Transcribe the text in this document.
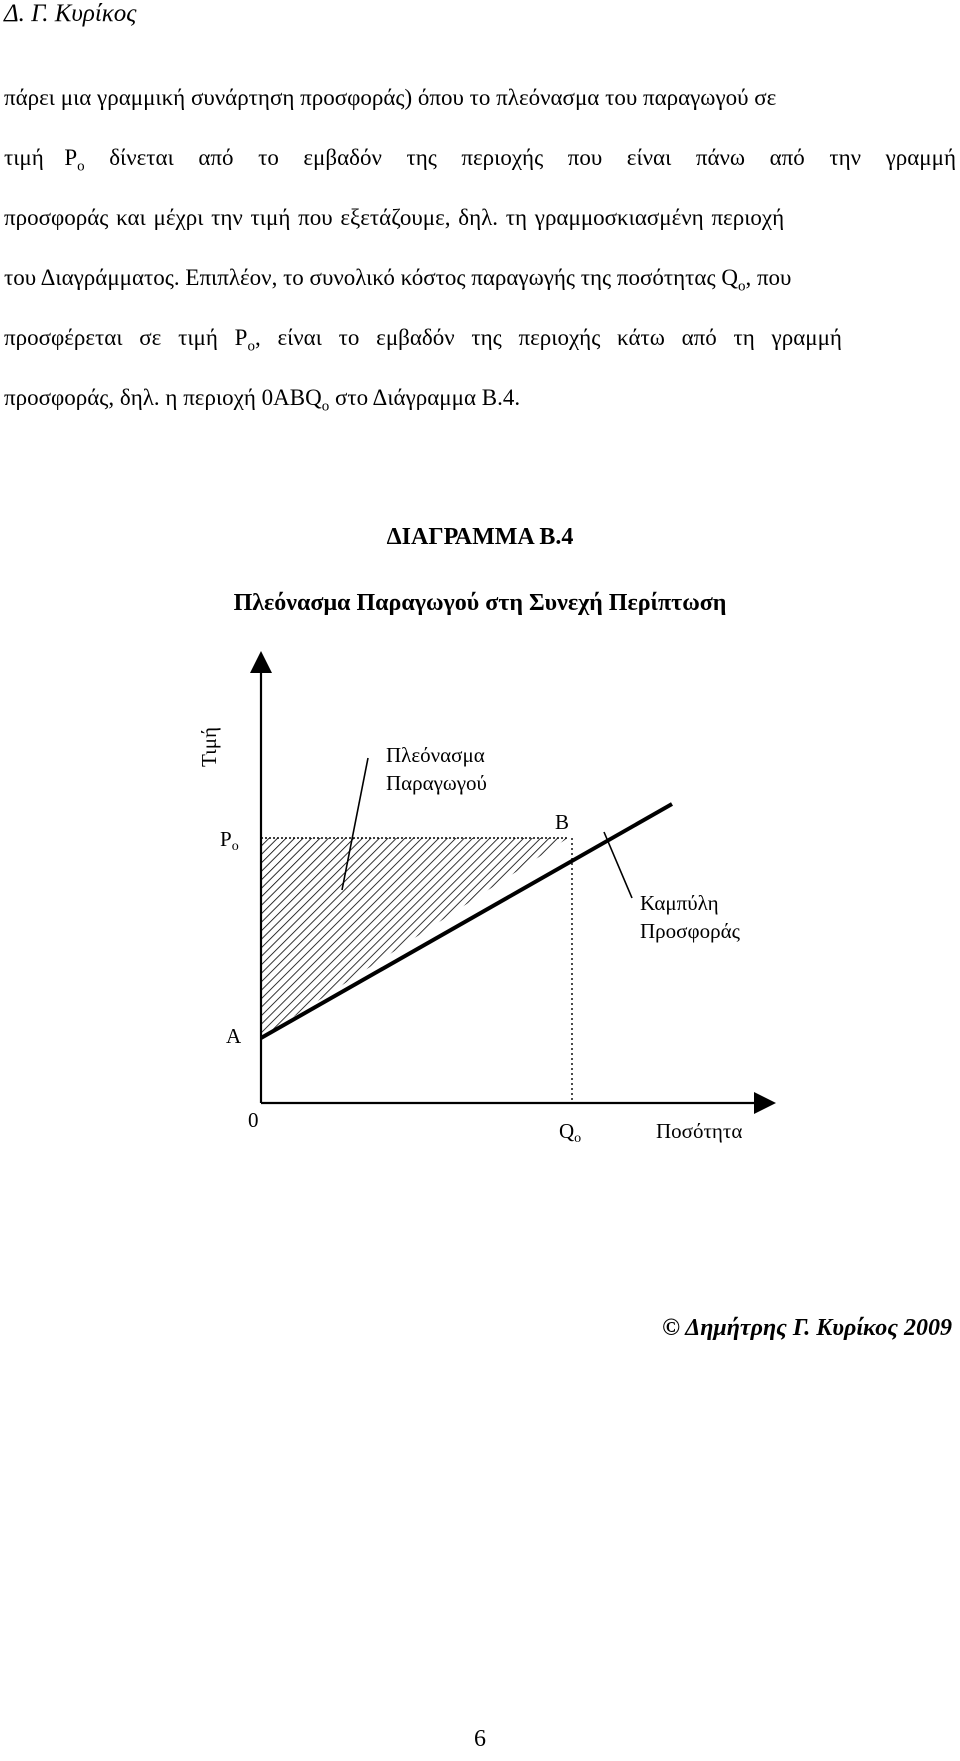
Δ. Γ. Κυρίκος
πάρει μια γραμμική συνάρτηση προσφοράς) όπου το πλεόνασμα του παραγωγού σε
τιμή $P_o$ δίνεται από το εμβαδόν της περιοχής που είναι πάνω από την γραμμή
προσφοράς και μέχρι την τιμή που εξετάζουμε, δηλ. τη γραμμοσκιασμένη περιοχή
του Διαγράμματος. Επιπλέον, το συνολικό κόστος παραγωγής της ποσότητας $Q_o$, που
προσφέρεται σε τιμή $P_o$, είναι το εμβαδόν της περιοχής κάτω από τη γραμμή
προσφοράς, δηλ. η περιοχή $0ABQ_o$ στο Διάγραμμα Β.4.
ΔΙΑΓΡΑΜΜΑ Β.4
Πλεόνασμα Παραγωγού στη Συνεχή Περίπτωση
Τιμή
Ποσότητα
0
Po
Qo
A
B
Πλεόνασμα
Παραγωγού
Καμπύλη
Προσφοράς
© Δημήτρης Γ. Κυρίκος 2009
6
